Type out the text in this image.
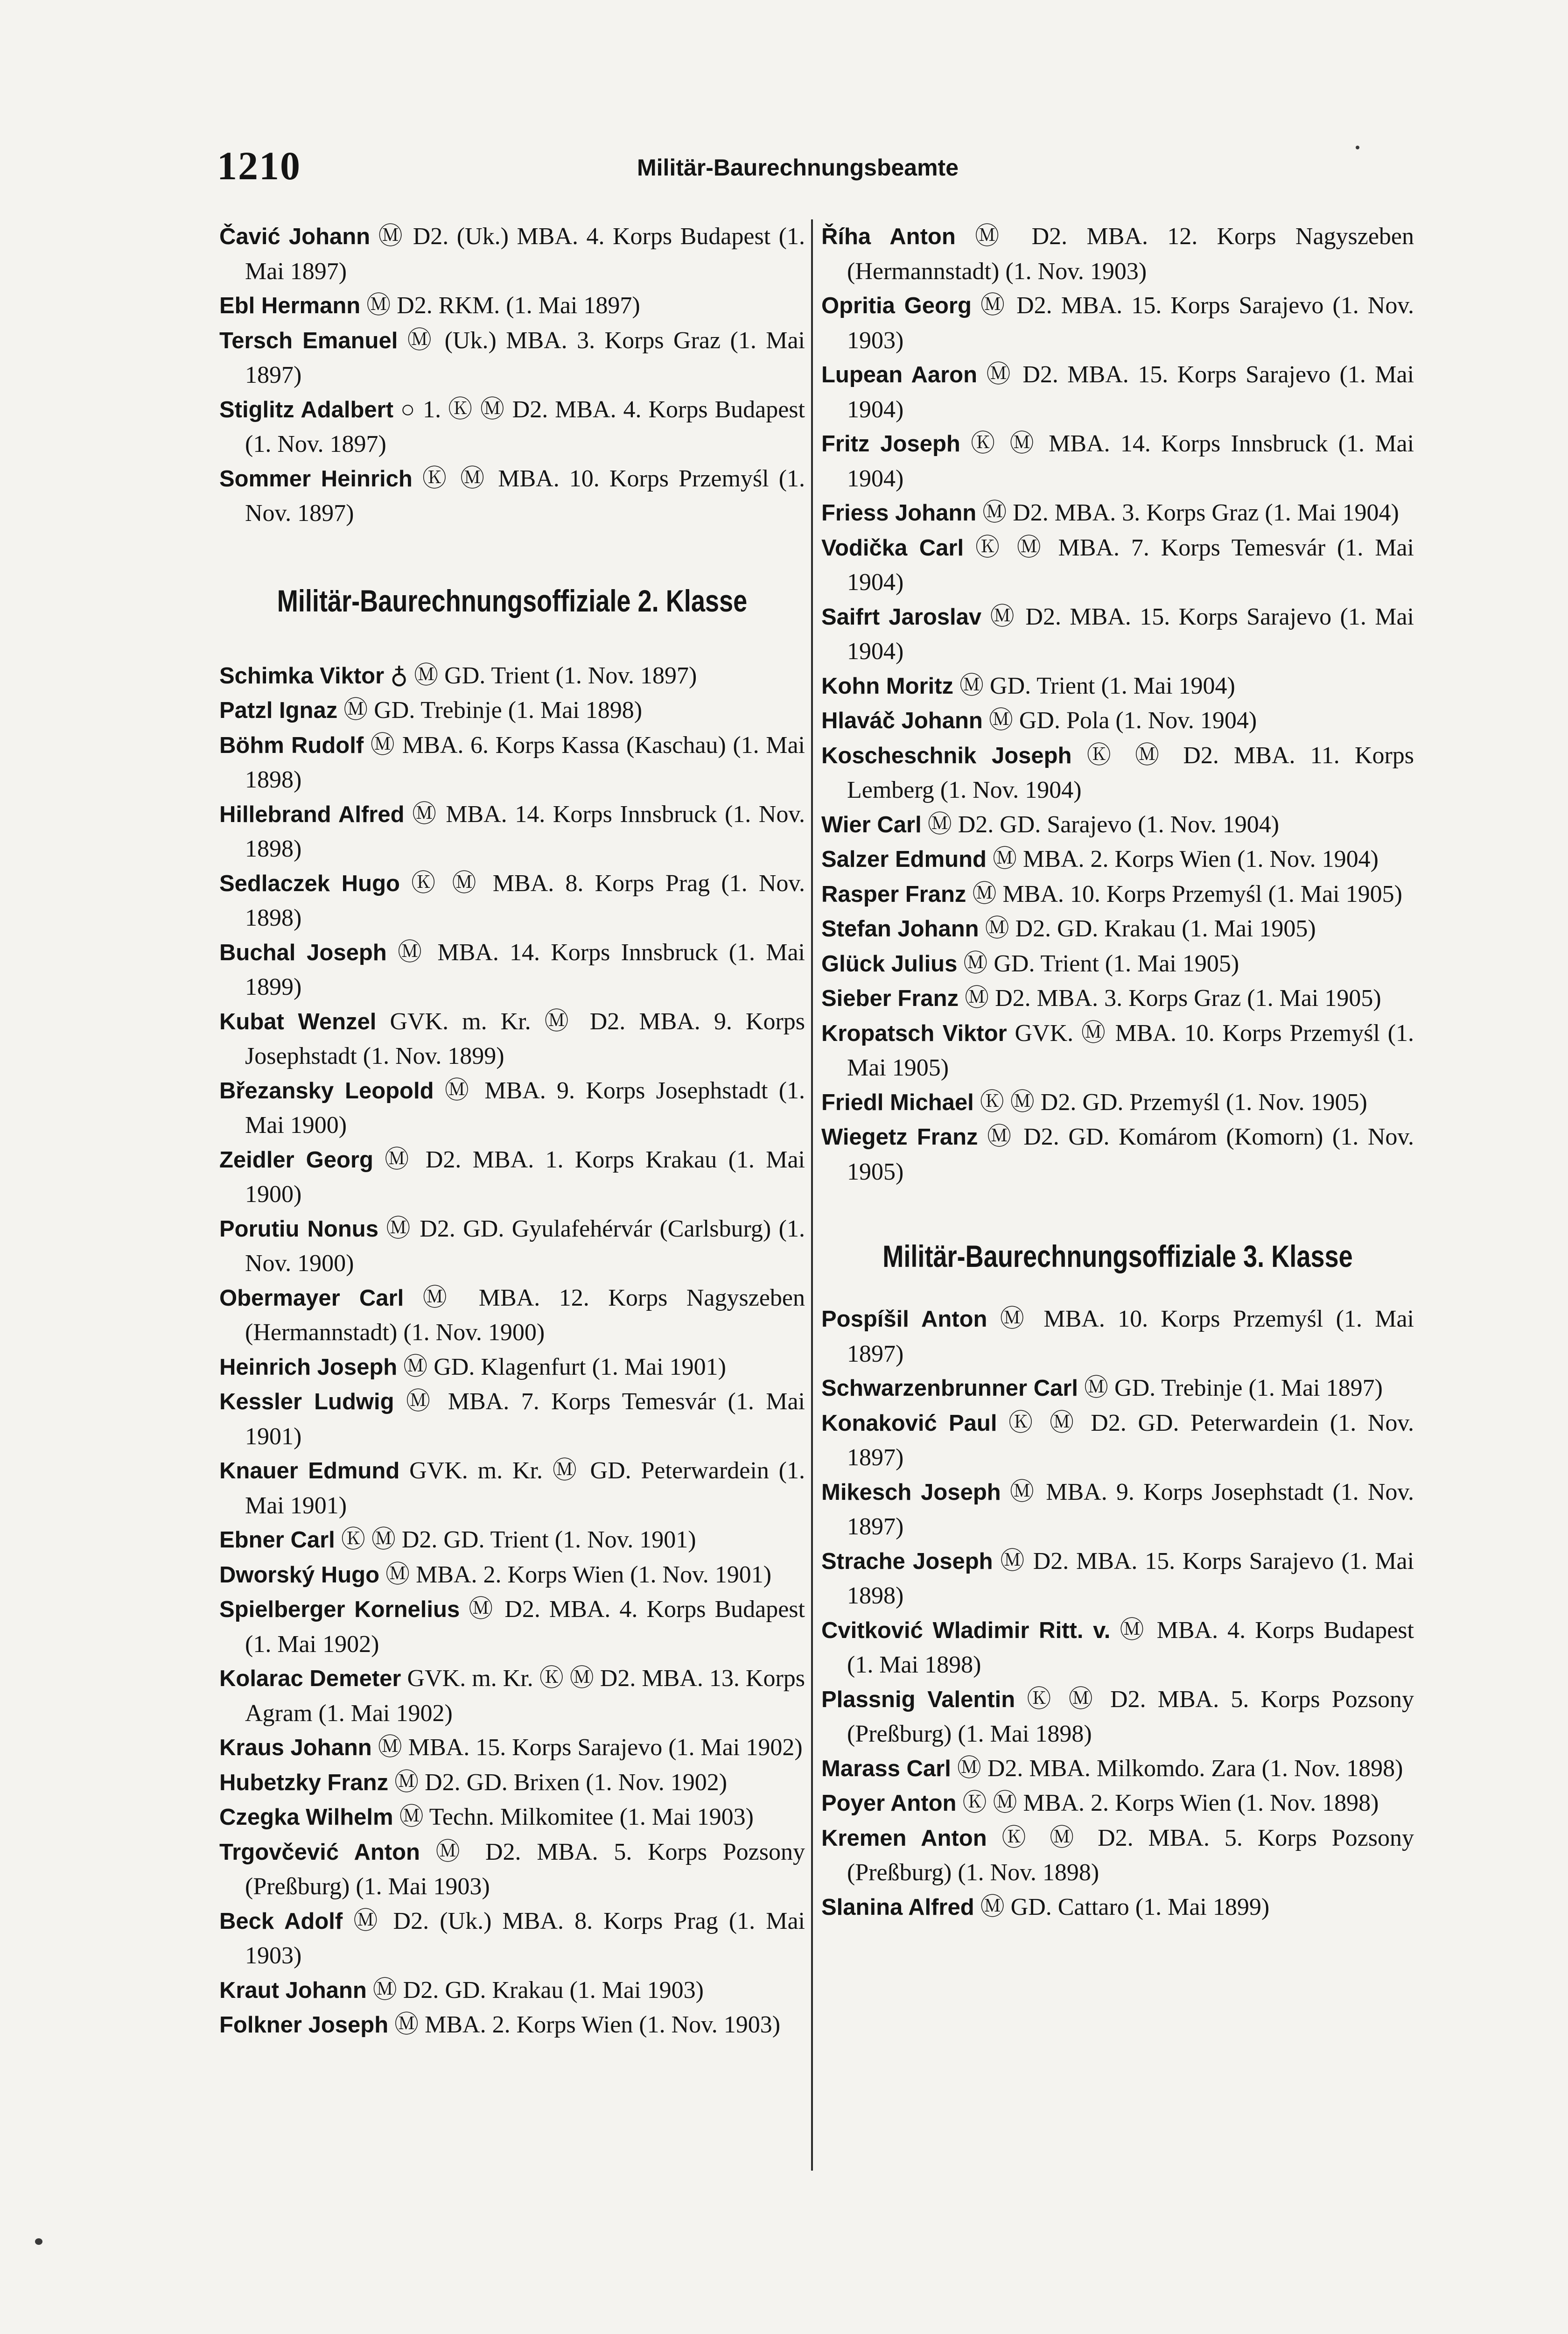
1210	Militär-Baurechnungsbeamte
Čavić Johann Ⓜ D2. (Uk.) MBA. 4. Korps Budapest (1. Mai 1897)
Ebl Hermann Ⓜ D2. RKM. (1. Mai 1897)
Tersch Emanuel Ⓜ (Uk.) MBA. 3. Korps Graz (1. Mai 1897)
Stiglitz Adalbert ○ 1. Ⓚ Ⓜ D2. MBA. 4. Korps Budapest (1. Nov. 1897)
Sommer Heinrich Ⓚ Ⓜ MBA. 10. Korps Przemyśl (1. Nov. 1897)
Militär-Baurechnungsoffiziale 2. Klasse
Schimka Viktor ♁ Ⓜ GD. Trient (1. Nov. 1897)
Patzl Ignaz Ⓜ GD. Trebinje (1. Mai 1898)
Böhm Rudolf Ⓜ MBA. 6. Korps Kassa (Kaschau) (1. Mai 1898)
Hillebrand Alfred Ⓜ MBA. 14. Korps Innsbruck (1. Nov. 1898)
Sedlaczek Hugo Ⓚ Ⓜ MBA. 8. Korps Prag (1. Nov. 1898)
Buchal Joseph Ⓜ MBA. 14. Korps Innsbruck (1. Mai 1899)
Kubat Wenzel GVK. m. Kr. Ⓜ D2. MBA. 9. Korps Josephstadt (1. Nov. 1899)
Březansky Leopold Ⓜ MBA. 9. Korps Josephstadt (1. Mai 1900)
Zeidler Georg Ⓜ D2. MBA. 1. Korps Krakau (1. Mai 1900)
Porutiu Nonus Ⓜ D2. GD. Gyulafehérvár (Carlsburg) (1. Nov. 1900)
Obermayer Carl Ⓜ MBA. 12. Korps Nagyszeben (Hermannstadt) (1. Nov. 1900)
Heinrich Joseph Ⓜ GD. Klagenfurt (1. Mai 1901)
Kessler Ludwig Ⓜ MBA. 7. Korps Temesvár (1. Mai 1901)
Knauer Edmund GVK. m. Kr. Ⓜ GD. Peterwardein (1. Mai 1901)
Ebner Carl Ⓚ Ⓜ D2. GD. Trient (1. Nov. 1901)
Dworský Hugo Ⓜ MBA. 2. Korps Wien (1. Nov. 1901)
Spielberger Kornelius Ⓜ D2. MBA. 4. Korps Budapest (1. Mai 1902)
Kolarac Demeter GVK. m. Kr. Ⓚ Ⓜ D2. MBA. 13. Korps Agram (1. Mai 1902)
Kraus Johann Ⓜ MBA. 15. Korps Sarajevo (1. Mai 1902)
Hubetzky Franz Ⓜ D2. GD. Brixen (1. Nov. 1902)
Czegka Wilhelm Ⓜ Techn. Milkomitee (1. Mai 1903)
Trgovčević Anton Ⓜ D2. MBA. 5. Korps Pozsony (Preßburg) (1. Mai 1903)
Beck Adolf Ⓜ D2. (Uk.) MBA. 8. Korps Prag (1. Mai 1903)
Kraut Johann Ⓜ D2. GD. Krakau (1. Mai 1903)
Folkner Joseph Ⓜ MBA. 2. Korps Wien (1. Nov. 1903)
Říha Anton Ⓜ D2. MBA. 12. Korps Nagyszeben (Hermannstadt) (1. Nov. 1903)
Opritia Georg Ⓜ D2. MBA. 15. Korps Sarajevo (1. Nov. 1903)
Lupean Aaron Ⓜ D2. MBA. 15. Korps Sarajevo (1. Mai 1904)
Fritz Joseph Ⓚ Ⓜ MBA. 14. Korps Innsbruck (1. Mai 1904)
Friess Johann Ⓜ D2. MBA. 3. Korps Graz (1. Mai 1904)
Vodička Carl Ⓚ Ⓜ MBA. 7. Korps Temesvár (1. Mai 1904)
Saifrt Jaroslav Ⓜ D2. MBA. 15. Korps Sarajevo (1. Mai 1904)
Kohn Moritz Ⓜ GD. Trient (1. Mai 1904)
Hlaváč Johann Ⓜ GD. Pola (1. Nov. 1904)
Koscheschnik Joseph Ⓚ Ⓜ D2. MBA. 11. Korps Lemberg (1. Nov. 1904)
Wier Carl Ⓜ D2. GD. Sarajevo (1. Nov. 1904)
Salzer Edmund Ⓜ MBA. 2. Korps Wien (1. Nov. 1904)
Rasper Franz Ⓜ MBA. 10. Korps Przemyśl (1. Mai 1905)
Stefan Johann Ⓜ D2. GD. Krakau (1. Mai 1905)
Glück Julius Ⓜ GD. Trient (1. Mai 1905)
Sieber Franz Ⓜ D2. MBA. 3. Korps Graz (1. Mai 1905)
Kropatsch Viktor GVK. Ⓜ MBA. 10. Korps Przemyśl (1. Mai 1905)
Friedl Michael Ⓚ Ⓜ D2. GD. Przemyśl (1. Nov. 1905)
Wiegetz Franz Ⓜ D2. GD. Komárom (Komorn) (1. Nov. 1905)
Militär-Baurechnungsoffiziale 3. Klasse
Pospíšil Anton Ⓜ MBA. 10. Korps Przemyśl (1. Mai 1897)
Schwarzenbrunner Carl Ⓜ GD. Trebinje (1. Mai 1897)
Konaković Paul Ⓚ Ⓜ D2. GD. Peterwardein (1. Nov. 1897)
Mikesch Joseph Ⓜ MBA. 9. Korps Josephstadt (1. Nov. 1897)
Strache Joseph Ⓜ D2. MBA. 15. Korps Sarajevo (1. Mai 1898)
Cvitković Wladimir Ritt. v. Ⓜ MBA. 4. Korps Budapest (1. Mai 1898)
Plassnig Valentin Ⓚ Ⓜ D2. MBA. 5. Korps Pozsony (Preßburg) (1. Mai 1898)
Marass Carl Ⓜ D2. MBA. Milkomdo. Zara (1. Nov. 1898)
Poyer Anton Ⓚ Ⓜ MBA. 2. Korps Wien (1. Nov. 1898)
Kremen Anton Ⓚ Ⓜ D2. MBA. 5. Korps Pozsony (Preßburg) (1. Nov. 1898)
Slanina Alfred Ⓜ GD. Cattaro (1. Mai 1899)
